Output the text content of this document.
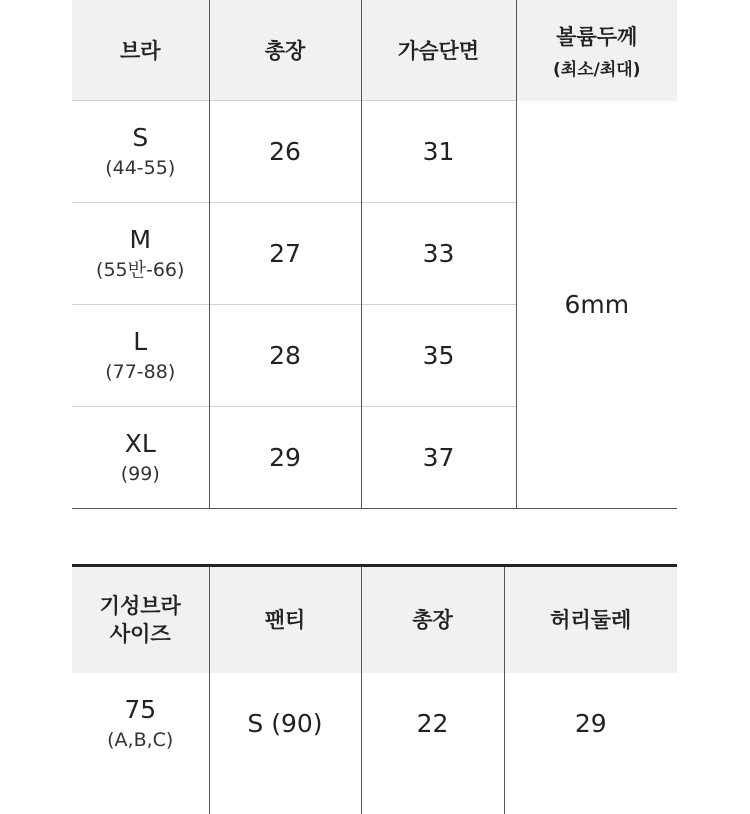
브라	총장	가슴단면	볼륨두께
(최소/최대)

S
(44-55)	26	31	6mm

M
(55반-66)	27	33	

L
(77-88)	28	35	

XL
(99)	29	37	
기성브라
사이즈	팬티	총장	허리둘레

75
(A,B,C)	S (90)	22	29
